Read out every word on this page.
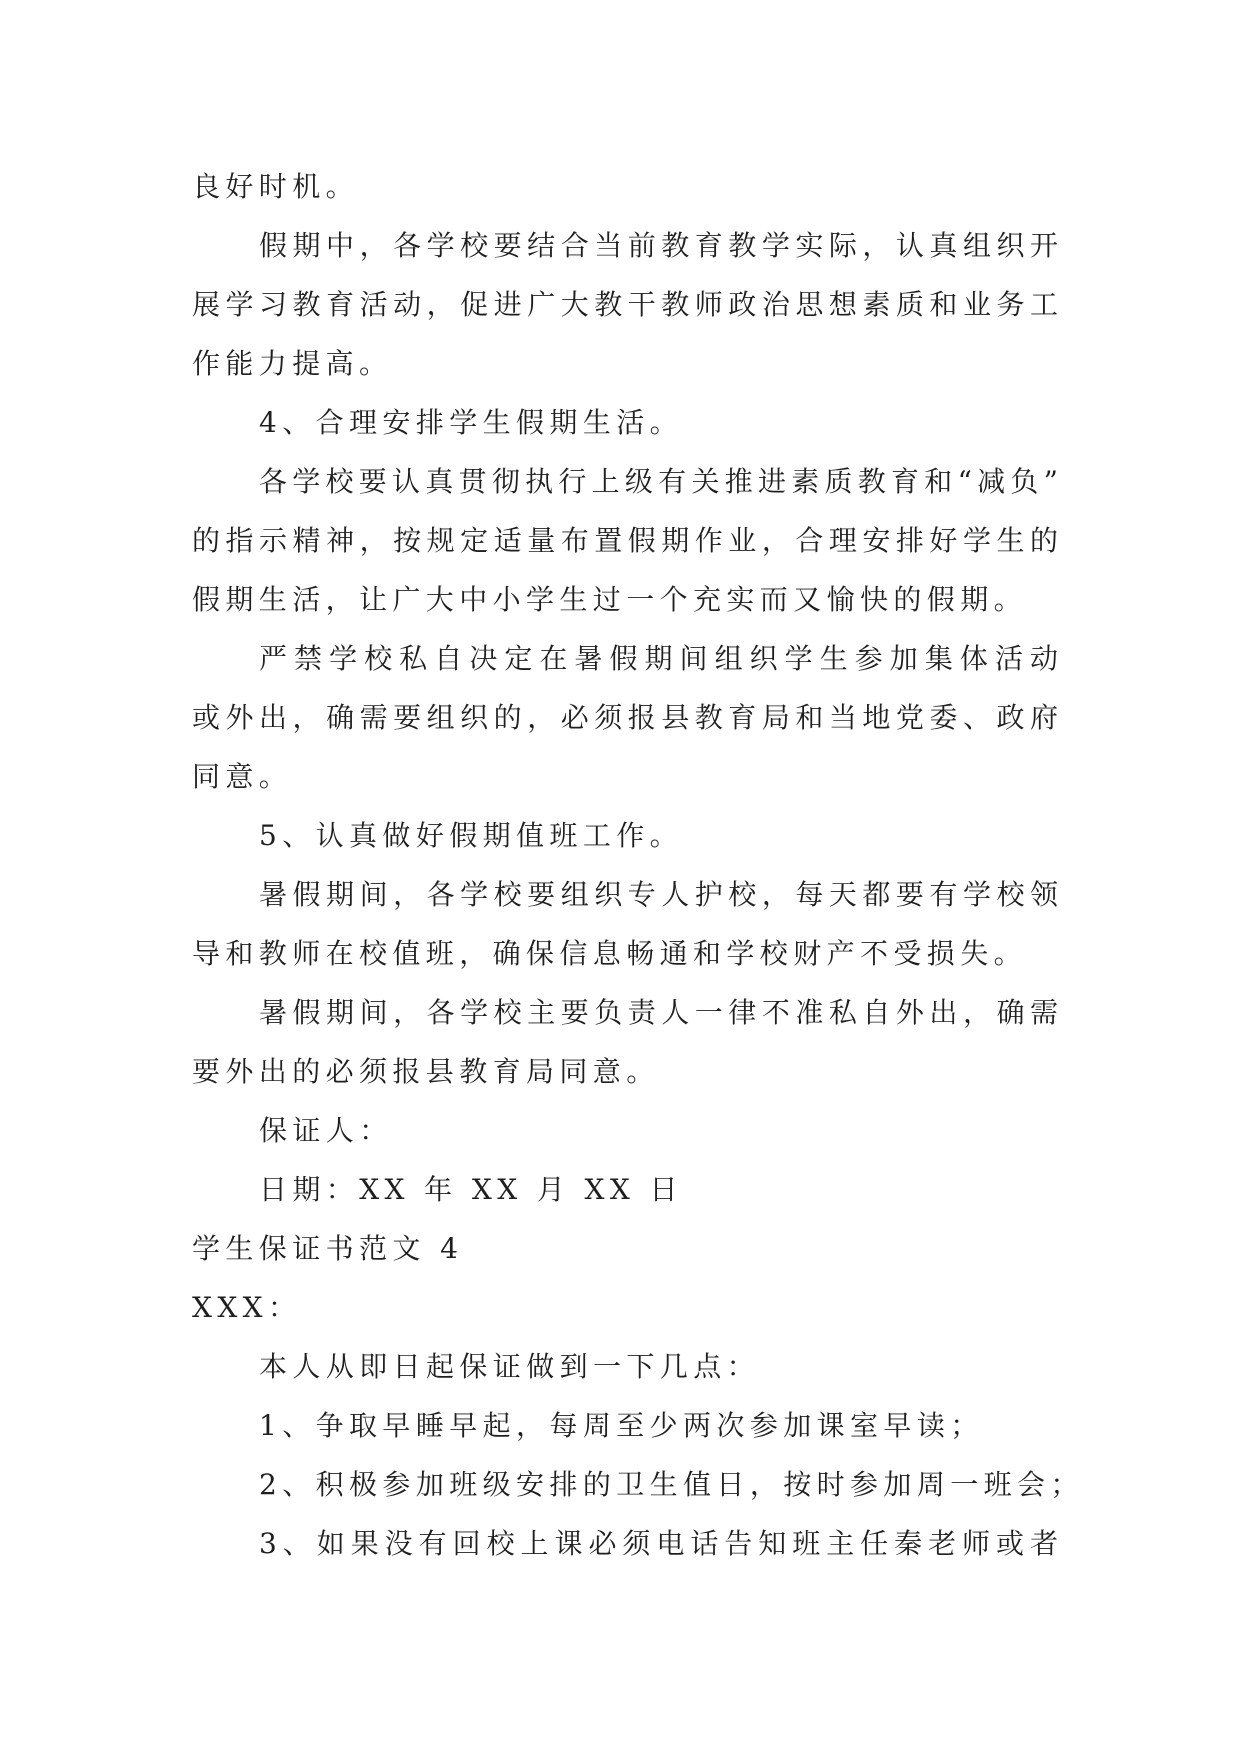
良好时机。
假期中，各学校要结合当前教育教学实际，认真组织开
展学习教育活动，促进广大教干教师政治思想素质和业务工
作能力提高。
4、合理安排学生假期生活。
各学校要认真贯彻执行上级有关推进素质教育和“减负”
的指示精神，按规定适量布置假期作业，合理安排好学生的
假期生活，让广大中小学生过一个充实而又愉快的假期。
严禁学校私自决定在暑假期间组织学生参加集体活动
或外出，确需要组织的，必须报县教育局和当地党委、政府
同意。
5、认真做好假期值班工作。
暑假期间，各学校要组织专人护校，每天都要有学校领
导和教师在校值班，确保信息畅通和学校财产不受损失。
暑假期间，各学校主要负责人一律不准私自外出，确需
要外出的必须报县教育局同意。
保证人：
日期：XX 年 XX 月 XX 日
学生保证书范文 4
XXX：
本人从即日起保证做到一下几点：
1、争取早睡早起，每周至少两次参加课室早读；
2、积极参加班级安排的卫生值日，按时参加周一班会；
3、如果没有回校上课必须电话告知班主任秦老师或者
